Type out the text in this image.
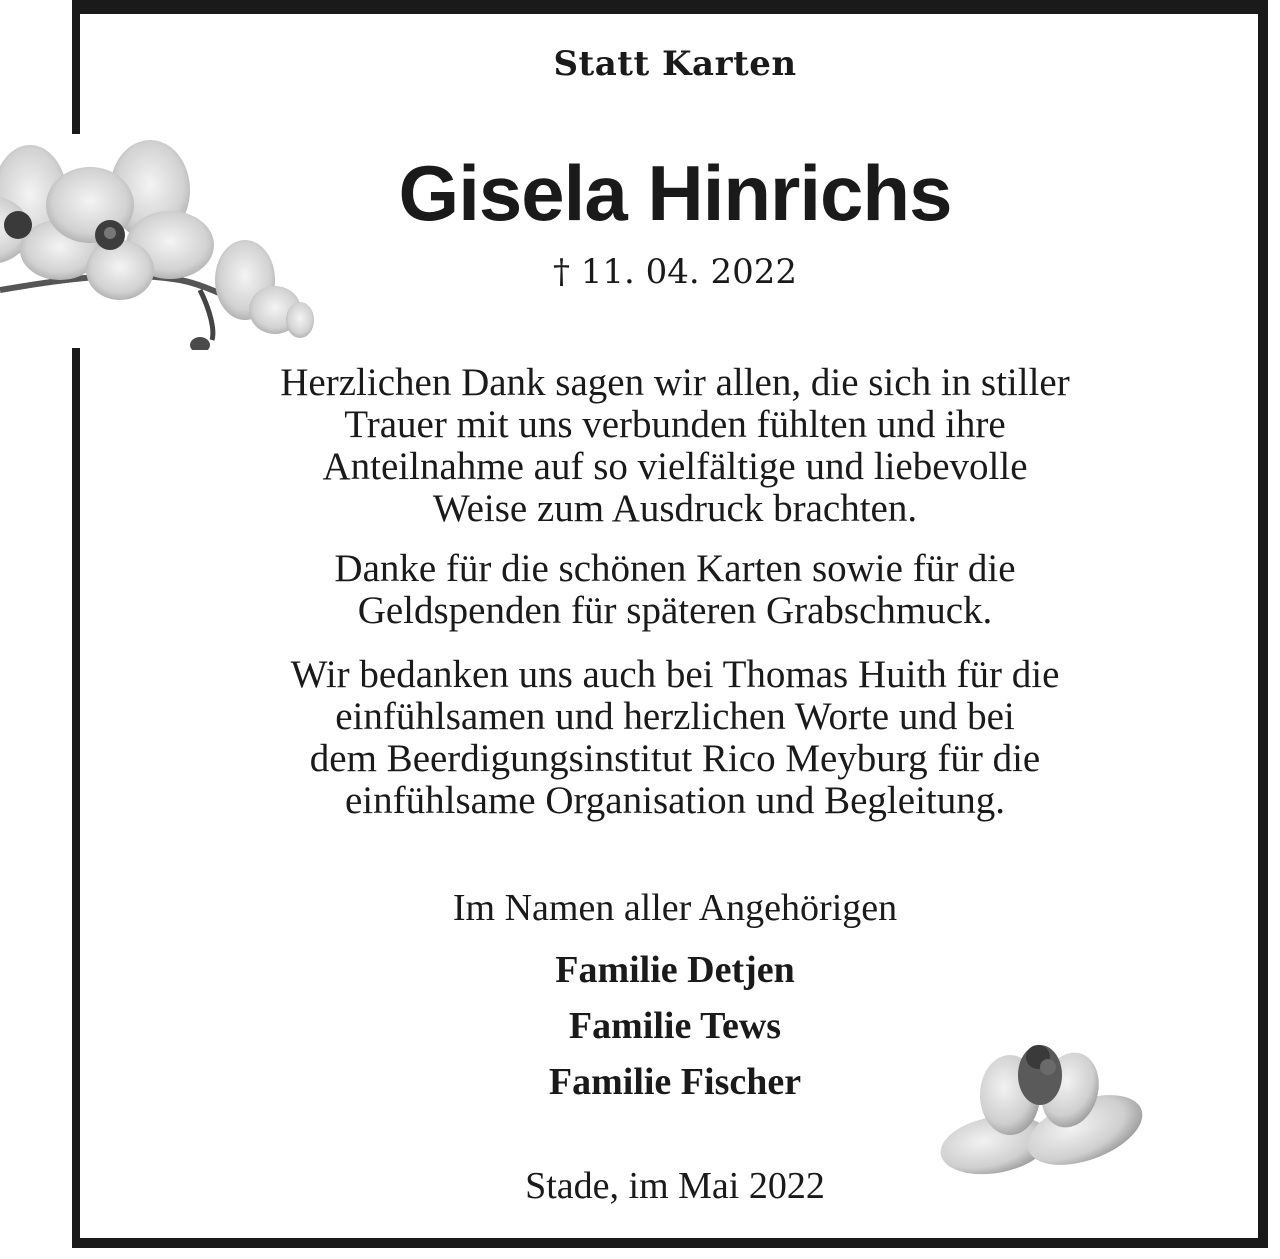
Statt Karten
Gisela Hinrichs
† 11. 04. 2022
Herzlichen Dank sagen wir allen, die sich in stiller
Trauer mit uns verbunden fühlten und ihre
Anteilnahme auf so vielfältige und liebevolle
Weise zum Ausdruck brachten.
Danke für die schönen Karten sowie für die
Geldspenden für späteren Grabschmuck.
Wir bedanken uns auch bei Thomas Huith für die
einfühlsamen und herzlichen Worte und bei
dem Beerdigungsinstitut Rico Meyburg für die
einfühlsame Organisation und Begleitung.
Im Namen aller Angehörigen
Familie Detjen
Familie Tews
Familie Fischer
Stade, im Mai 2022
